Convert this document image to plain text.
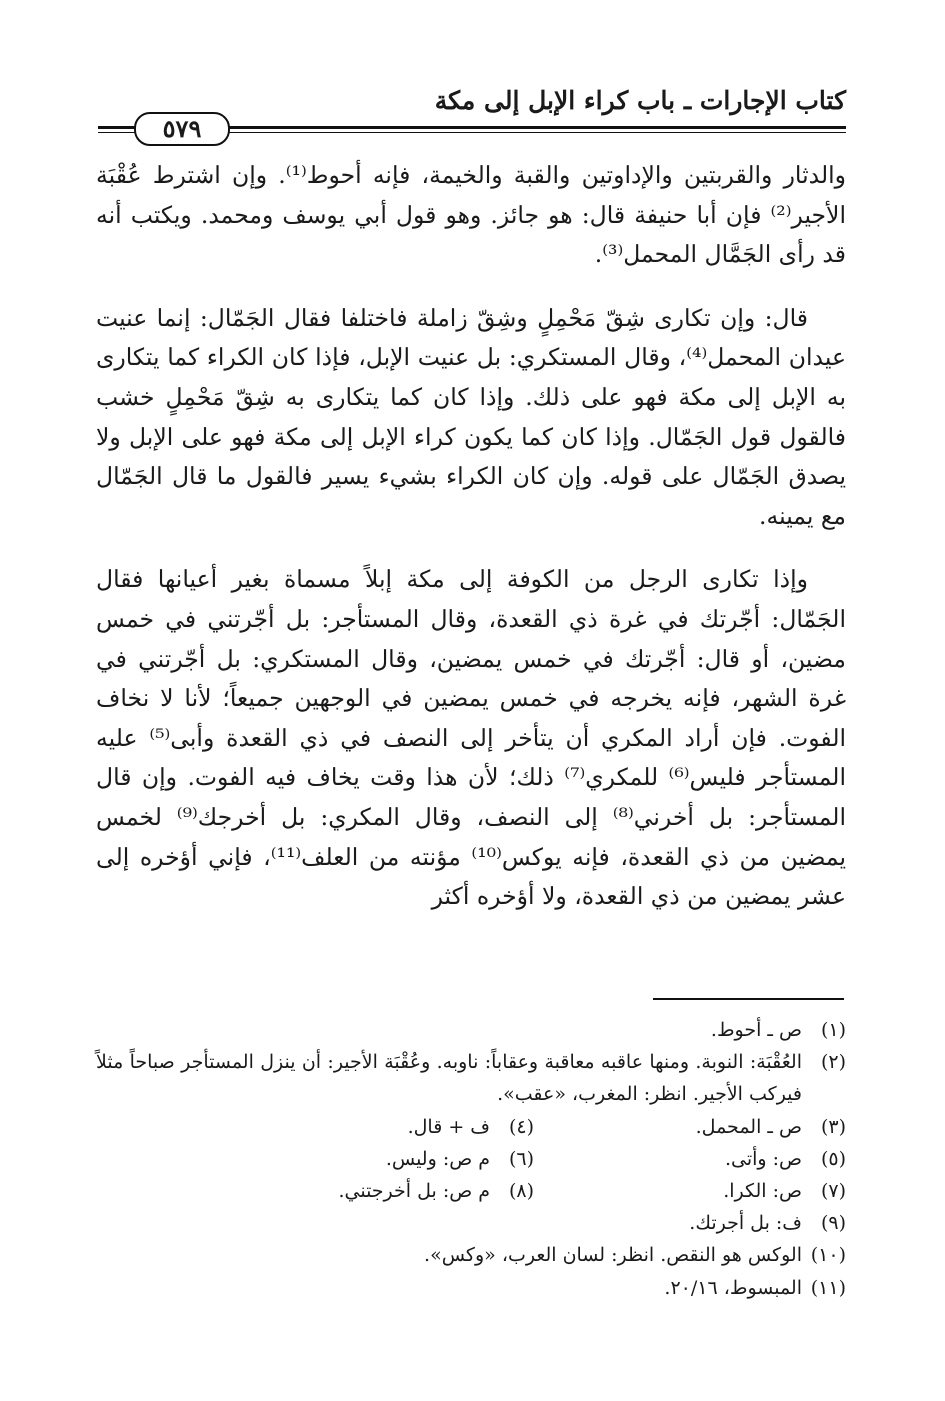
كتاب الإجارات ـ باب كراء الإبل إلى مكة
٥٧٩

والدثار والقربتين والإداوتين والقبة والخيمة، فإنه أحوط⁽¹⁾. وإن اشترط عُقْبَة الأجير⁽²⁾ فإن أبا حنيفة قال: هو جائز. وهو قول أبي يوسف ومحمد. ويكتب أنه قد رأى الجَمَّال المحمل⁽³⁾.

قال: وإن تكارى شِقّ مَحْمِلٍ وشِقّ زاملة فاختلفا فقال الجَمّال: إنما عنيت عيدان المحمل⁽⁴⁾، وقال المستكري: بل عنيت الإبل، فإذا كان الكراء كما يتكارى به الإبل إلى مكة فهو على ذلك. وإذا كان كما يتكارى به شِقّ مَحْمِلٍ خشب فالقول قول الجَمّال. وإذا كان كما يكون كراء الإبل إلى مكة فهو على الإبل ولا يصدق الجَمّال على قوله. وإن كان الكراء بشيء يسير فالقول ما قال الجَمّال مع يمينه.

وإذا تكارى الرجل من الكوفة إلى مكة إبلاً مسماة بغير أعيانها فقال الجَمّال: أجّرتك في غرة ذي القعدة، وقال المستأجر: بل أجّرتني في خمس مضين، أو قال: أجّرتك في خمس يمضين، وقال المستكري: بل أجّرتني في غرة الشهر، فإنه يخرجه في خمس يمضين في الوجهين جميعاً؛ لأنا لا نخاف الفوت. فإن أراد المكري أن يتأخر إلى النصف في ذي القعدة وأبى⁽⁵⁾ عليه المستأجر فليس⁽⁶⁾ للمكري⁽⁷⁾ ذلك؛ لأن هذا وقت يخاف فيه الفوت. وإن قال المستأجر: بل أخرني⁽⁸⁾ إلى النصف، وقال المكري: بل أخرجك⁽⁹⁾ لخمس يمضين من ذي القعدة، فإنه يوكس⁽¹⁰⁾ مؤنته من العلف⁽¹¹⁾، فإني أؤخره إلى عشر يمضين من ذي القعدة، ولا أؤخره أكثر

(١)
ص ـ أحوط.
(٢)
العُقْبَة: النوبة. ومنها عاقبه معاقبة وعقاباً: ناوبه. وعُقْبَة الأجير: أن ينزل المستأجر صباحاً مثلاً فيركب الأجير. انظر: المغرب، «عقب».
(٣)
ص ـ المحمل.
(٤)
ف + قال.
(٥)
ص: وأتى.
(٦)
م ص: وليس.
(٧)
ص: الكرا.
(٨)
م ص: بل أخرجتني.
(٩)
ف: بل أجرتك.
(١٠)
الوكس هو النقص. انظر: لسان العرب، «وكس».
(١١)
المبسوط، ٢٠/١٦.
